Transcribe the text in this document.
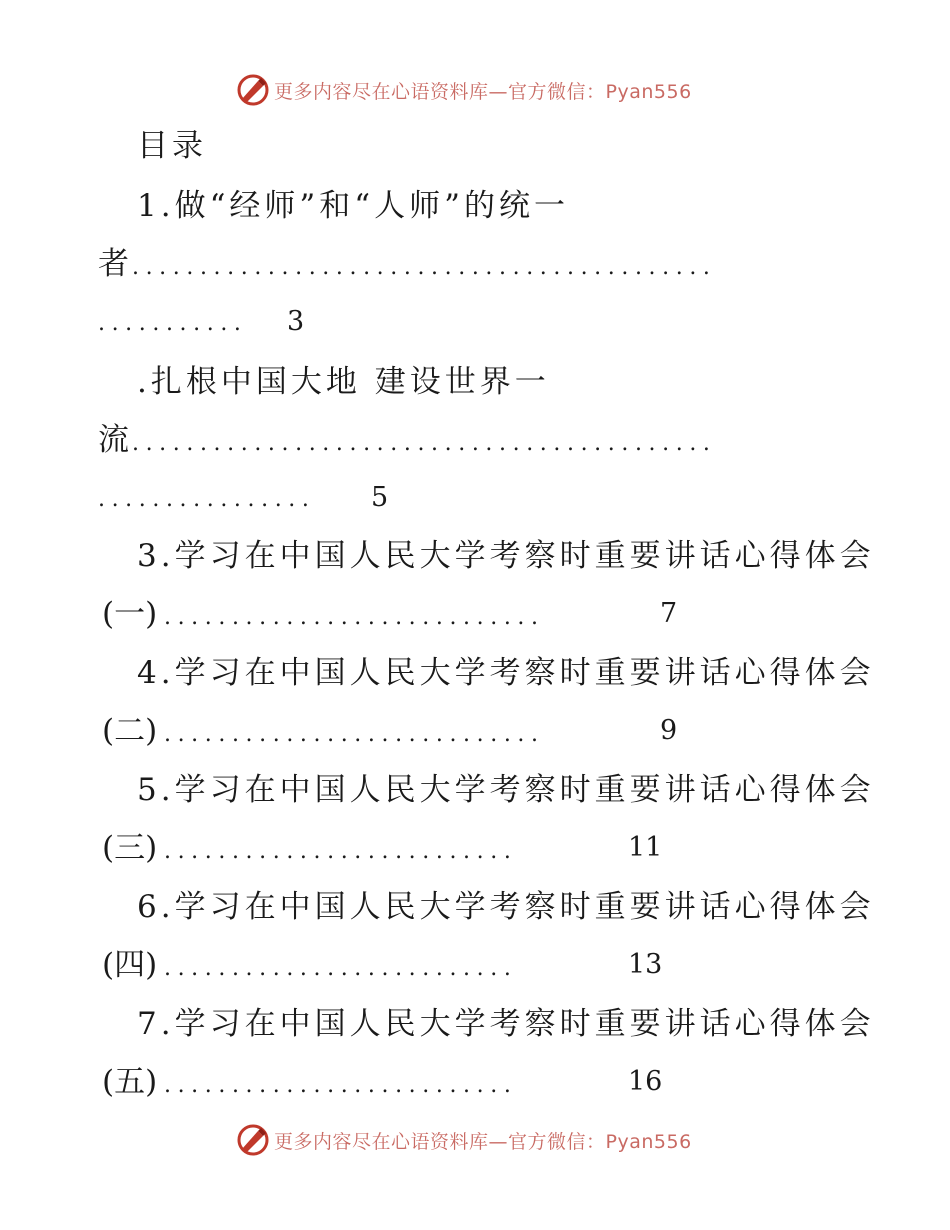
更多内容尽在心语资料库—官方微信：Pyan556
目录
1.做“经师”和“人师”的统一
者 ...........................................
........... 3
.扎根中国大地 建设世界一
流 ...........................................
................ 5
3.学习在中国人民大学考察时重要讲话心得体会
(一) ............................	7
4.学习在中国人民大学考察时重要讲话心得体会
(二) ............................	9
5.学习在中国人民大学考察时重要讲话心得体会
(三) ..........................	11
6.学习在中国人民大学考察时重要讲话心得体会
(四) ..........................	13
7.学习在中国人民大学考察时重要讲话心得体会
(五) ..........................	16
更多内容尽在心语资料库—官方微信：Pyan556
